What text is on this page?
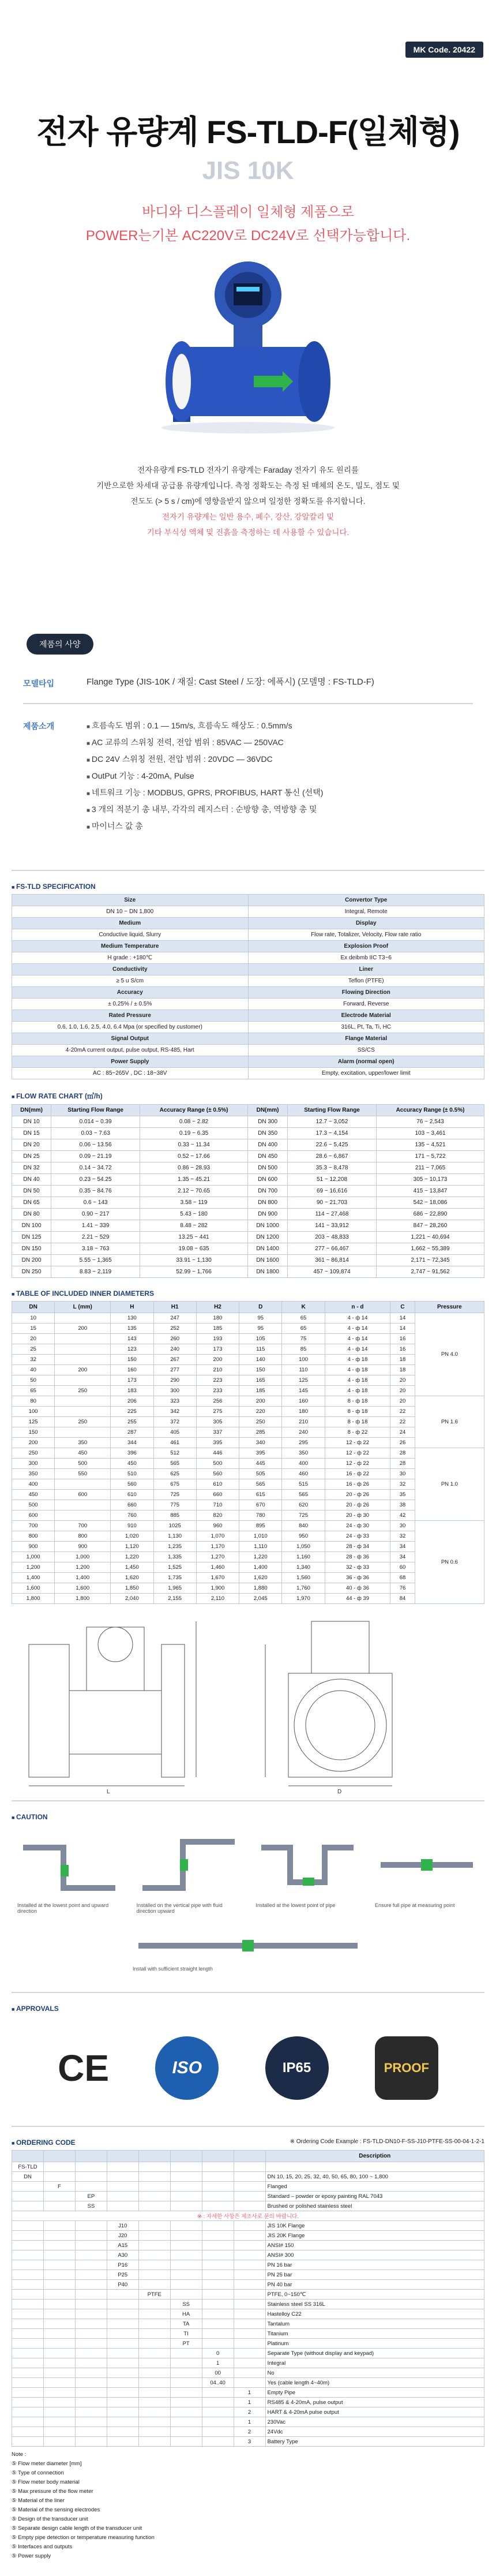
MK Code. 20422
전자 유량계 FS-TLD-F(일체형)
JIS 10K
바디와 디스플레이 일체형 제품으로
POWER는기본 AC220V로 DC24V로 선택가능합니다.
전자유량계 FS-TLD 전자기 유량계는 Faraday 전자기 유도 원리를
기반으로한 차세대 공급용 유량계입니다. 측정 정확도는 측정 된 매체의 온도, 밀도, 점도 및
전도도 (> 5 s / cm)에 영향을받지 않으며 일정한 정확도를 유지합니다.
전자기 유량계는 일반 용수, 폐수, 강산, 강알칼리 및
기타 부식성 액체 및 진흙을 측정하는 데 사용할 수 있습니다.
제품의 사양
모델타입	Flange Type (JIS-10K / 재질: Cast Steel / 도장: 에폭시) (모델명 : FS-TLD-F)
제품소개	■ 흐름속도 범위 : 0.1 — 15m/s, 흐름속도 해상도 : 0.5mm/s
■ AC 교류의 스위칭 전력, 전압 범위 : 85VAC — 250VAC
■ DC 24V 스위칭 전원, 전압 범위 : 20VDC — 36VDC
■ OutPut 기능 : 4-20mA, Pulse
■ 네트워크 기능 : MODBUS, GPRS, PROFIBUS, HART 통신 (선택)
■ 3 개의 적분기 총 내부, 각각의 레지스터 : 순방향 총, 역방향 총 및
■ 마이너스 값 총
■ FS-TLD SPECIFICATION
Size	Convertor Type
DN 10 ~ DN 1,800	Integral, Remote
Medium	Display
Conductive liquid, Slurry	Flow rate, Totalizer, Velocity, Flow rate ratio
Medium Temperature	Explosion Proof
H grade : +180℃	Ex deibmb IIC T3~6
Conductivity	Liner
≥ 5 u S/cm	Teflon (PTFE)
Accuracy	Flowing Direction
± 0.25% / ± 0.5%	Forward, Reverse
Rated Pressure	Electrode Material
0.6, 1.0, 1.6, 2.5, 4.0, 6.4 Mpa (or specified by customer)	316L, Pt, Ta, Ti, HC
Signal Output	Flange Material
4-20mA current output, pulse output, RS-485, Hart	SS/CS
Power Supply	Alarm (normal open)
AC : 85~265V , DC : 18~38V	Empty, excitation, upper/lower limit
■ FLOW RATE CHART (㎥/h)
DN(mm)	Starting Flow Range	Accuracy Range (± 0.5%)	DN(mm)	Starting Flow Range	Accuracy Range (± 0.5%)
DN 10	0.014 ~ 0.39	0.08 ~ 2.82	DN 300	12.7 ~ 3,052	76 ~ 2,543
DN 15	0.03 ~ 7.63	0.19 ~ 6.35	DN 350	17.3 ~ 4,154	103 ~ 3,461
DN 20	0.06 ~ 13.56	0.33 ~ 11.34	DN 400	22.6 ~ 5,425	135 ~ 4,521
DN 25	0.09 ~ 21.19	0.52 ~ 17.66	DN 450	28.6 ~ 6,867	171 ~ 5,722
DN 32	0.14 ~ 34.72	0.86 ~ 28.93	DN 500	35.3 ~ 8,478	211 ~ 7,065
DN 40	0.23 ~ 54.25	1.35 ~ 45.21	DN 600	51 ~ 12,208	305 ~ 10,173
DN 50	0.35 ~ 84.76	2.12 ~ 70.65	DN 700	69 ~ 16,616	415 ~ 13,847
DN 65	0.6 ~ 143	3.58 ~ 119	DN 800	90 ~ 21,703	542 ~ 18,086
DN 80	0.90 ~ 217	5.43 ~ 180	DN 900	114 ~ 27,468	686 ~ 22,890
DN 100	1.41 ~ 339	8.48 ~ 282	DN 1000	141 ~ 33,912	847 ~ 28,260
DN 125	2.21 ~ 529	13.25 ~ 441	DN 1200	203 ~ 48,833	1,221 ~ 40,694
DN 150	3.18 ~ 763	19.08 ~ 635	DN 1400	277 ~ 66,467	1,662 ~ 55,389
DN 200	5.55 ~ 1,365	33.91 ~ 1,130	DN 1600	361 ~ 86,814	2,171 ~ 72,345
DN 250	8.83 ~ 2,119	52.99 ~ 1,766	DN 1800	457 ~ 109,874	2,747 ~ 91,562
■ TABLE OF INCLUDED INNER DIAMETERS
DN	L (mm)	H	H1	H2	D	K	n - d	C	Pressure
10		130	247	180	95	65	4 - ф 14	14	PN 4.0
15	200	135	252	185	95	65	4 - ф 14	14	
20		143	260	193	105	75	4 - ф 14	16	
25		123	240	173	115	85	4 - ф 14	16	
32		150	267	200	140	100	4 - ф 18	18	
40	200	160	277	210	150	110	4 - ф 18	18	
50		173	290	223	165	125	4 - ф 18	20	
65	250	183	300	233	185	145	4 - ф 18	20	
80		206	323	256	200	160	8 - ф 18	20	PN 1.6
100		225	342	275	220	180	8 - ф 18	22	
125	250	255	372	305	250	210	8 - ф 18	22	
150		287	405	337	285	240	8 - ф 22	24	
200	350	344	461	395	340	295	12 - ф 22	26	
250	450	396	512	446	395	350	12 - ф 22	28	PN 1.0
300	500	450	565	500	445	400	12 - ф 22	28	
350	550	510	625	560	505	460	16 - ф 22	30	
400		560	675	610	565	515	16 - ф 26	32	
450	600	610	725	660	615	565	20 - ф 26	35	
500		660	775	710	670	620	20 - ф 26	38	
600		760	885	820	780	725	20 - ф 30	42	
700	700	910	1025	960	895	840	24 - ф 30	30	PN 0.6
800	800	1,020	1,130	1,070	1,010	950	24 - ф 33	32	
900	900	1,120	1,235	1,170	1,110	1,050	28 - ф 34	34	
1,000	1,000	1,220	1,335	1,270	1,220	1,160	28 - ф 36	34	
1,200	1,200	1,450	1,525	1,460	1,400	1,340	32 - ф 33	60	
1,400	1,400	1,620	1,735	1,670	1,620	1,560	36 - ф 36	68	
1,600	1,600	1,850	1,965	1,900	1,880	1,760	40 - ф 36	76	
1,800	1,800	2,040	2,155	2,110	2,045	1,970	44 - ф 39	84	
L	D
■ CAUTION
Installed at the lowest point and upward direction
Installed on the vertical pipe with fluid direction upward
Installed at the lowest point of pipe	Ensure full pipe at measuring point
Install with sufficient straight length
■ APPROVALS
CE	ISO	IP65	PROOF
■ ORDERING CODE	※ Ordering Code Example : FS-TLD-DN10-F-SS-J10-PTFE-SS-00-04-1-2-1
								Description
FS-TLD								
DN								DN 10, 15, 20, 25, 32, 40, 50, 65, 80, 100 ~ 1,800
	F							Flanged
		EP						Standard – powder or epoxy painting RAL 7043
		SS						Brushed or polished stainless steel
※ : 자세한 사항은 제조사로 문의 바랍니다.								
			J10					JIS 10K Flange
			J20					JIS 20K Flange
			A15					ANSI# 150
			A30					ANSI# 300
			P16					PN 16 bar
			P25					PN 25 bar
			P40					PN 40 bar
				PTFE				PTFE, 0~150℃
					SS			Stainless steel SS 316L
					HA			Hastelloy C22
					TA			Tantalum
					TI			Titanium
					PT			Platinum
						0		Separate Type (without display and keypad)
						1		Integral
						00		No
						04..40		Yes (cable length 4~40m)
							1	Empty Pipe
							1	RS485 & 4-20mA, pulse output
							2	HART & 4-20mA pulse output
							1	230Vac
							2	24Vdc
							3	Battery Type
Note :
⑤ Flow meter diameter [mm]
⑤ Type of connection
⑤ Flow meter body material
⑤ Max pressure of the flow meter
⑤ Material of the liner
⑤ Material of the sensing electrodes
⑤ Design of the transducer unit
⑤ Separate design cable length of the transducer unit
⑤ Empty pipe detection or temperature measuring function
⑤ Interfaces and outputs
⑤ Power supply
